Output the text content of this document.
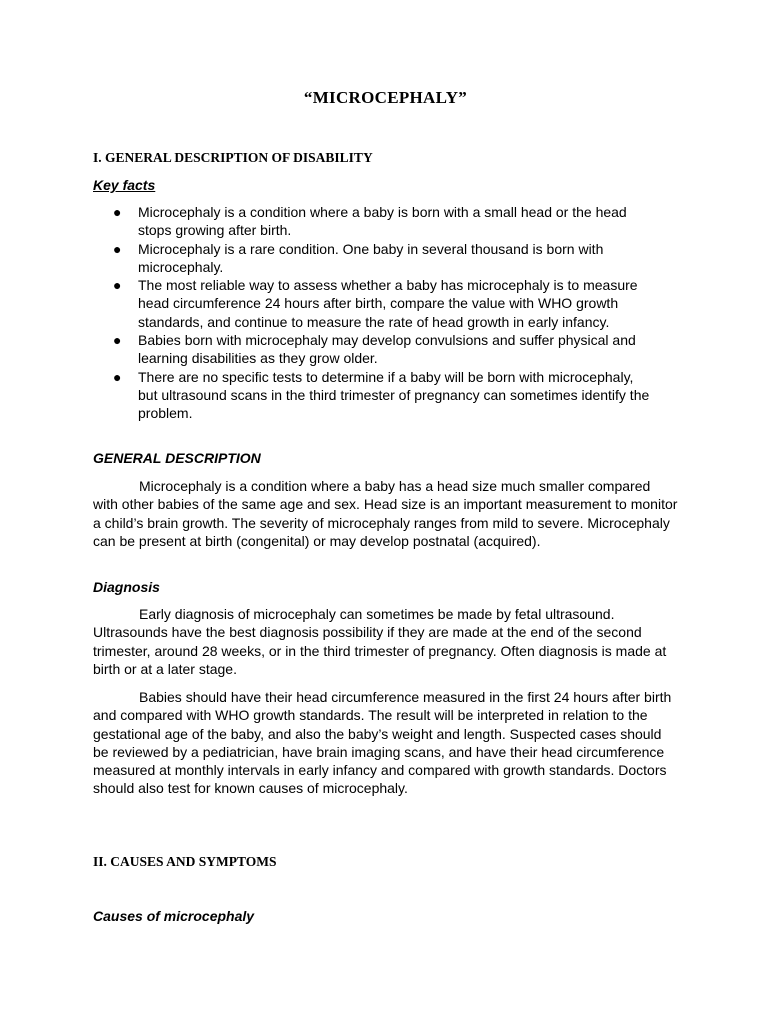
“MICROCEPHALY”
I. GENERAL DESCRIPTION OF DISABILITY
Key facts
● Microcephaly is a condition where a baby is born with a small head or the head stops growing after birth.
● Microcephaly is a rare condition. One baby in several thousand is born with microcephaly.
● The most reliable way to assess whether a baby has microcephaly is to measure head circumference 24 hours after birth, compare the value with WHO growth standards, and continue to measure the rate of head growth in early infancy.
● Babies born with microcephaly may develop convulsions and suffer physical and learning disabilities as they grow older.
● There are no specific tests to determine if a baby will be born with microcephaly, but ultrasound scans in the third trimester of pregnancy can sometimes identify the problem.
GENERAL DESCRIPTION

Microcephaly is a condition where a baby has a head size much smaller compared with other babies of the same age and sex. Head size is an important measurement to monitor a child’s brain growth. The severity of microcephaly ranges from mild to severe. Microcephaly can be present at birth (congenital) or may develop postnatal (acquired).

Diagnosis

Early diagnosis of microcephaly can sometimes be made by fetal ultrasound. Ultrasounds have the best diagnosis possibility if they are made at the end of the second trimester, around 28 weeks, or in the third trimester of pregnancy. Often diagnosis is made at birth or at a later stage.

Babies should have their head circumference measured in the first 24 hours after birth and compared with WHO growth standards. The result will be interpreted in relation to the gestational age of the baby, and also the baby’s weight and length. Suspected cases should be reviewed by a pediatrician, have brain imaging scans, and have their head circumference measured at monthly intervals in early infancy and compared with growth standards. Doctors should also test for known causes of microcephaly.

II. CAUSES AND SYMPTOMS
Causes of microcephaly
